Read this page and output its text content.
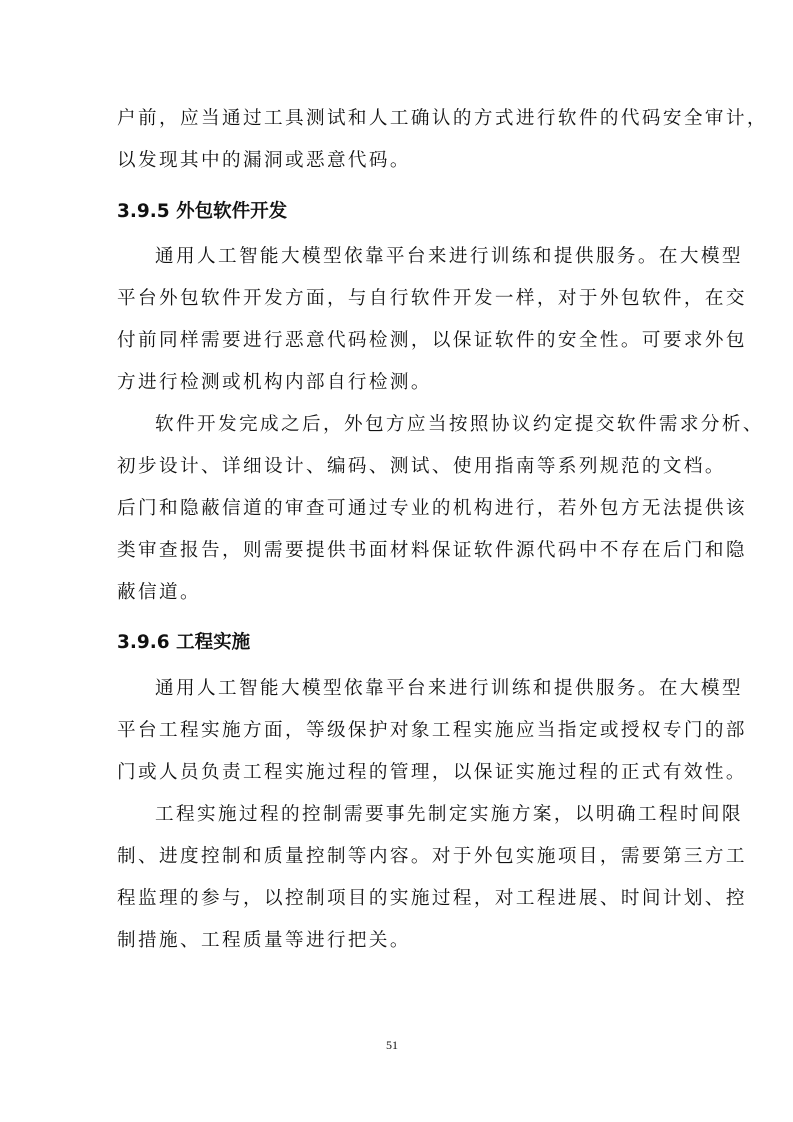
户前，应当通过工具测试和人工确认的方式进行软件的代码安全审计，
以发现其中的漏洞或恶意代码。
3.9.5 外包软件开发
通用人工智能大模型依靠平台来进行训练和提供服务。在大模型
平台外包软件开发方面，与自行软件开发一样，对于外包软件，在交
付前同样需要进行恶意代码检测，以保证软件的安全性。可要求外包
方进行检测或机构内部自行检测。
软件开发完成之后，外包方应当按照协议约定提交软件需求分析、
初步设计、详细设计、编码、测试、使用指南等系列规范的文档。
后门和隐蔽信道的审查可通过专业的机构进行，若外包方无法提供该
类审查报告，则需要提供书面材料保证软件源代码中不存在后门和隐
蔽信道。
3.9.6 工程实施
通用人工智能大模型依靠平台来进行训练和提供服务。在大模型
平台工程实施方面，等级保护对象工程实施应当指定或授权专门的部
门或人员负责工程实施过程的管理，以保证实施过程的正式有效性。
工程实施过程的控制需要事先制定实施方案，以明确工程时间限
制、进度控制和质量控制等内容。对于外包实施项目，需要第三方工
程监理的参与，以控制项目的实施过程，对工程进展、时间计划、控
制措施、工程质量等进行把关。
51
